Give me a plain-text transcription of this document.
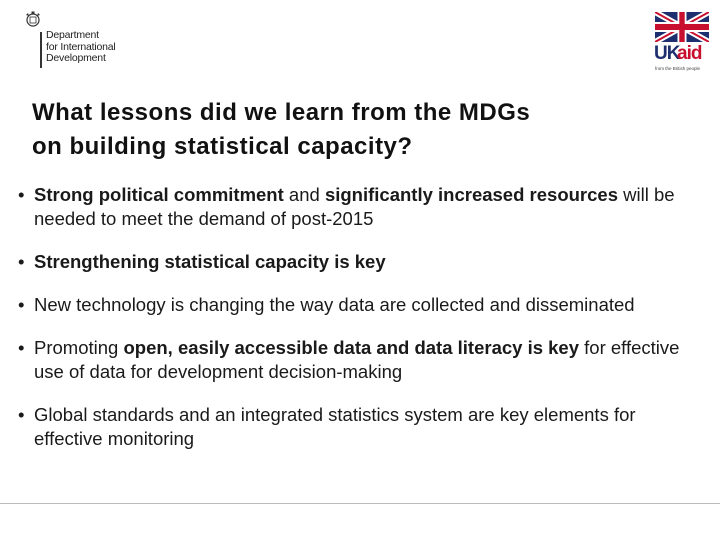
Department
for International
Development	UK
aid
from the British people
What lessons did we learn from the MDGs
on building statistical capacity?
• Strong political commitment and significantly increased resources will be needed to meet the demand of post-2015
• Strengthening statistical capacity is key
• New technology is changing the way data are collected and disseminated
• Promoting open, easily accessible data and data literacy is key for effective use of data for development decision-making
• Global standards and an integrated statistics system are key elements for effective monitoring
